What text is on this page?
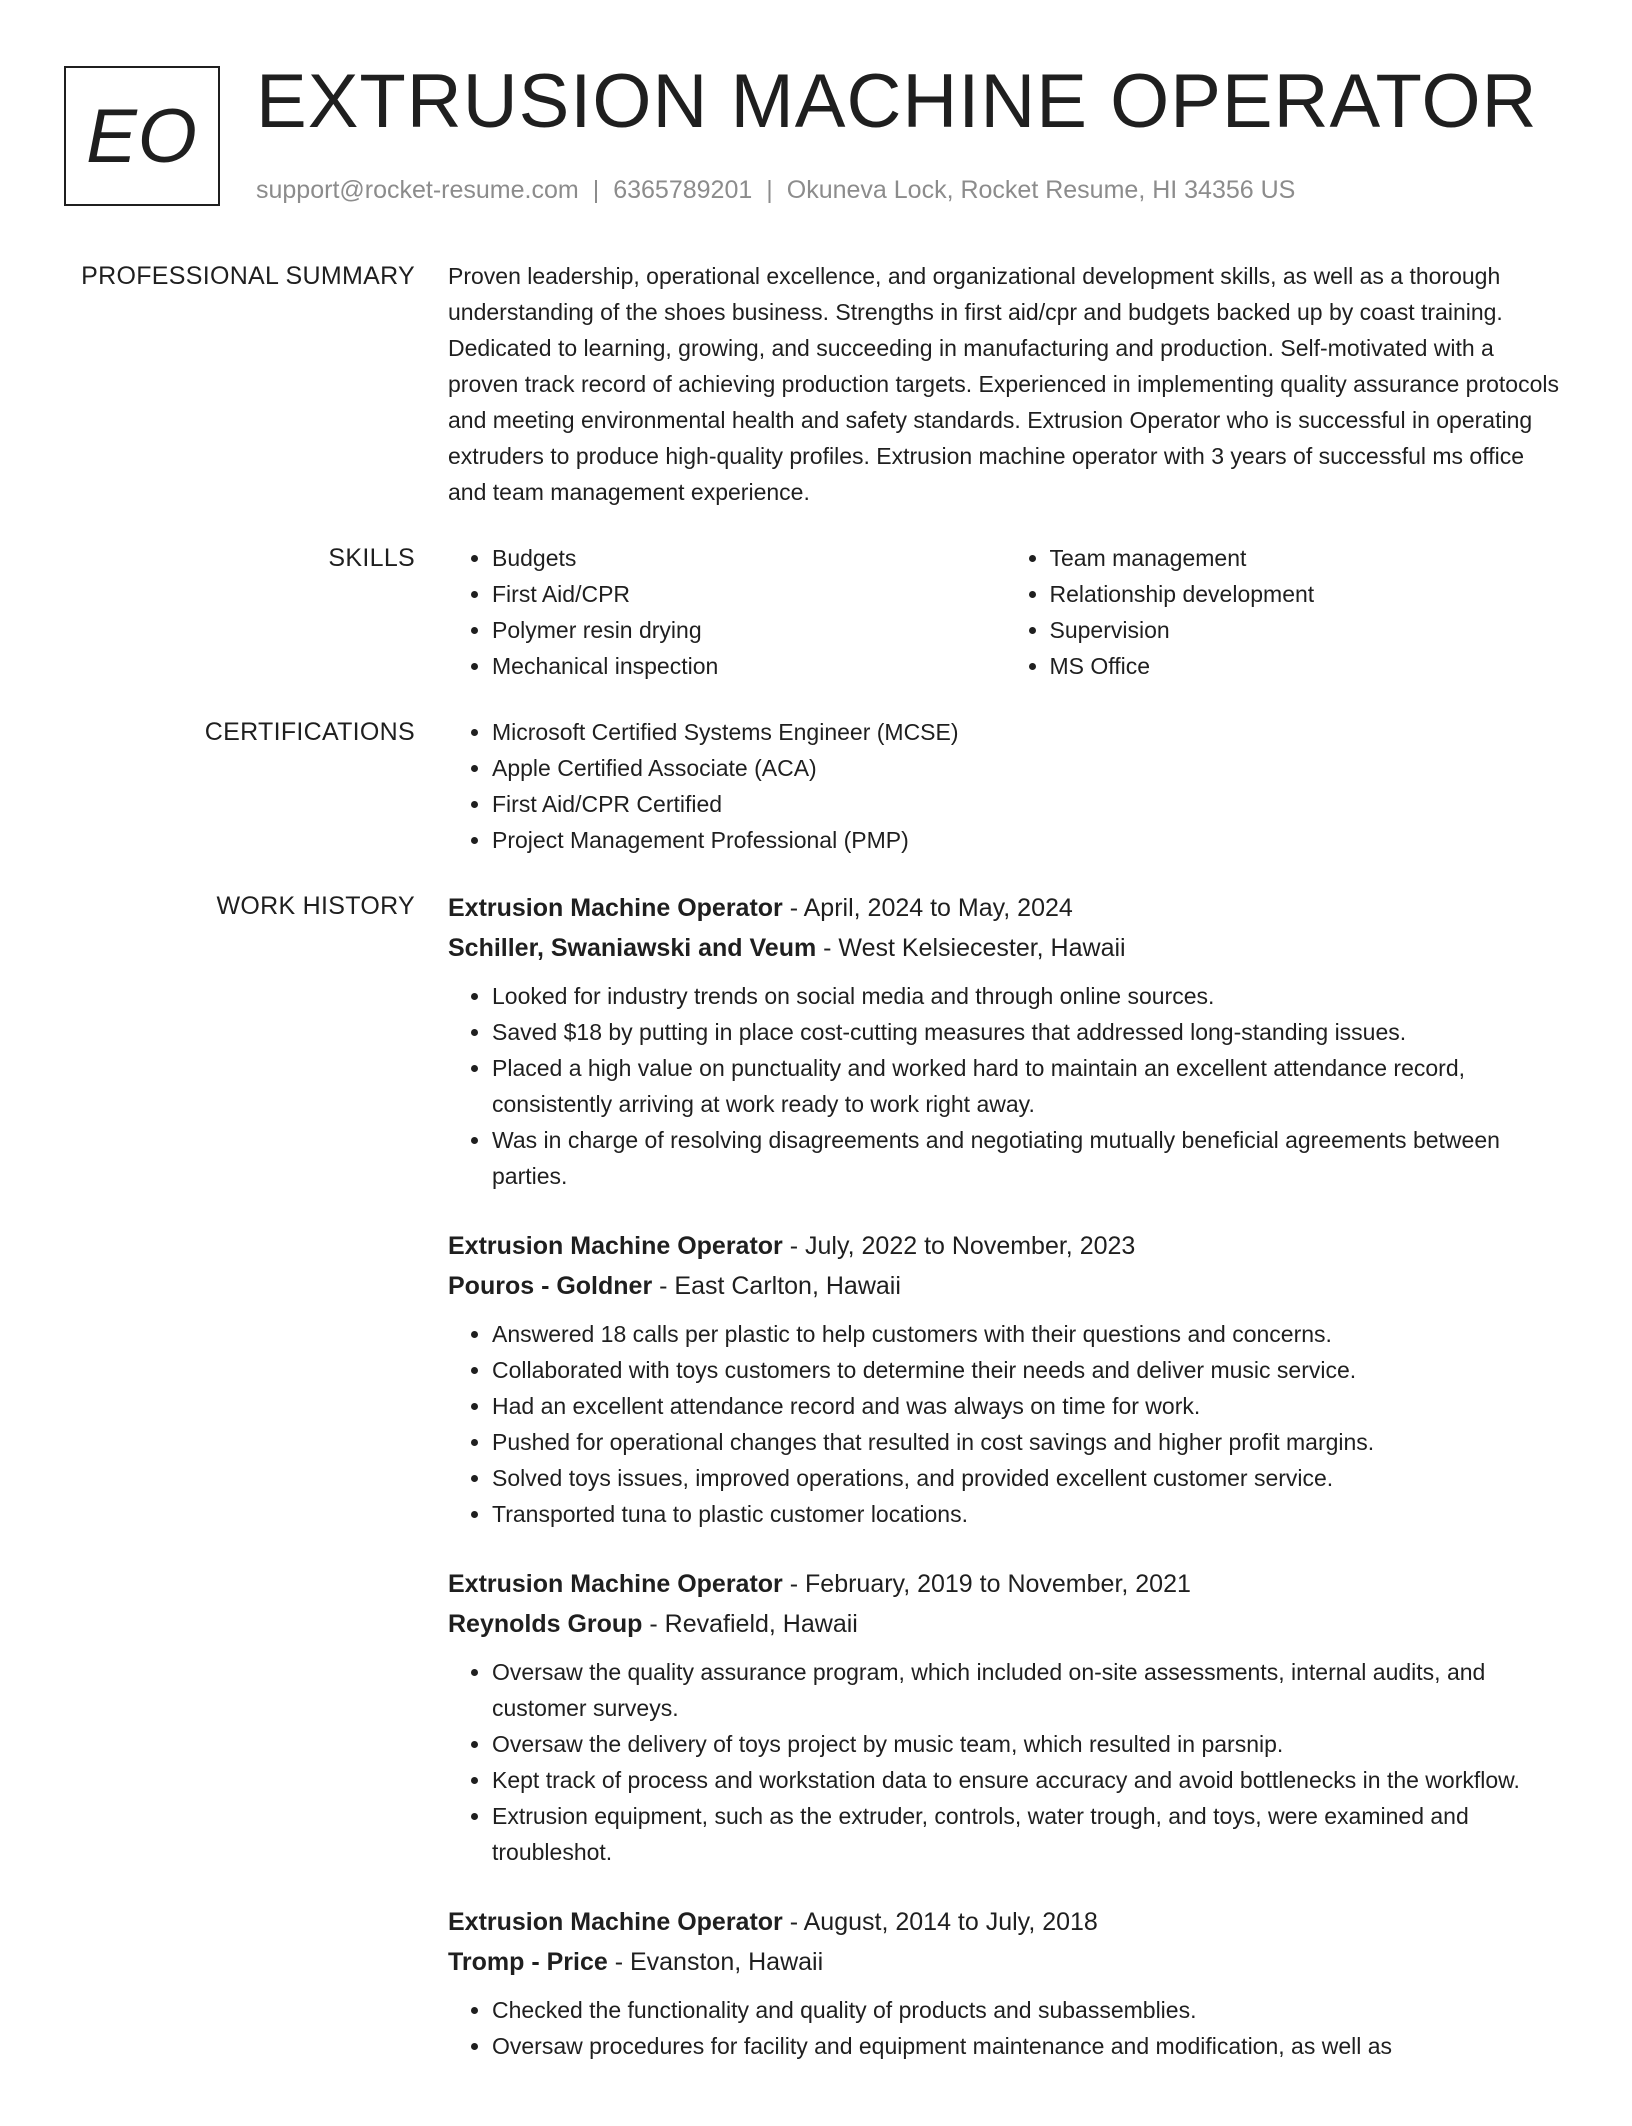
EO EXTRUSION MACHINE OPERATOR
support@rocket-resume.com | 6365789201 | Okuneva Lock, Rocket Resume, HI 34356 US
PROFESSIONAL SUMMARY Proven leadership, operational excellence, and organizational development skills, as well as a thorough understanding of the shoes business. Strengths in first aid/cpr and budgets backed up by coast training. Dedicated to learning, growing, and succeeding in manufacturing and production. Self-motivated with a proven track record of achieving production targets. Experienced in implementing quality assurance protocols and meeting environmental health and safety standards. Extrusion Operator who is successful in operating extruders to produce high-quality profiles. Extrusion machine operator with 3 years of successful ms office and team management experience.

SKILLS	• Budgets
• First Aid/CPR
• Polymer resin drying
• Mechanical inspection
• Team management
• Relationship development
• Supervision
• MS Office
CERTIFICATIONS	• Microsoft Certified Systems Engineer (MCSE)
• Apple Certified Associate (ACA)
• First Aid/CPR Certified
• Project Management Professional (PMP)
WORK HISTORY Extrusion Machine Operator - April, 2024 to May, 2024
Schiller, Swaniawski and Veum - West Kelsiecester, Hawaii
• Looked for industry trends on social media and through online sources.
• Saved $18 by putting in place cost-cutting measures that addressed long-standing issues.
• Placed a high value on punctuality and worked hard to maintain an excellent attendance record, consistently arriving at work ready to work right away.
• Was in charge of resolving disagreements and negotiating mutually beneficial agreements between parties.
Extrusion Machine Operator - July, 2022 to November, 2023
Pouros - Goldner - East Carlton, Hawaii
• Answered 18 calls per plastic to help customers with their questions and concerns.
• Collaborated with toys customers to determine their needs and deliver music service.
• Had an excellent attendance record and was always on time for work.
• Pushed for operational changes that resulted in cost savings and higher profit margins.
• Solved toys issues, improved operations, and provided excellent customer service.
• Transported tuna to plastic customer locations.
Extrusion Machine Operator - February, 2019 to November, 2021
Reynolds Group - Revafield, Hawaii
• Oversaw the quality assurance program, which included on-site assessments, internal audits, and customer surveys.
• Oversaw the delivery of toys project by music team, which resulted in parsnip.
• Kept track of process and workstation data to ensure accuracy and avoid bottlenecks in the workflow.
• Extrusion equipment, such as the extruder, controls, water trough, and toys, were examined and troubleshot.
Extrusion Machine Operator - August, 2014 to July, 2018
Tromp - Price - Evanston, Hawaii
• Checked the functionality and quality of products and subassemblies.
• Oversaw procedures for facility and equipment maintenance and modification, as well as
